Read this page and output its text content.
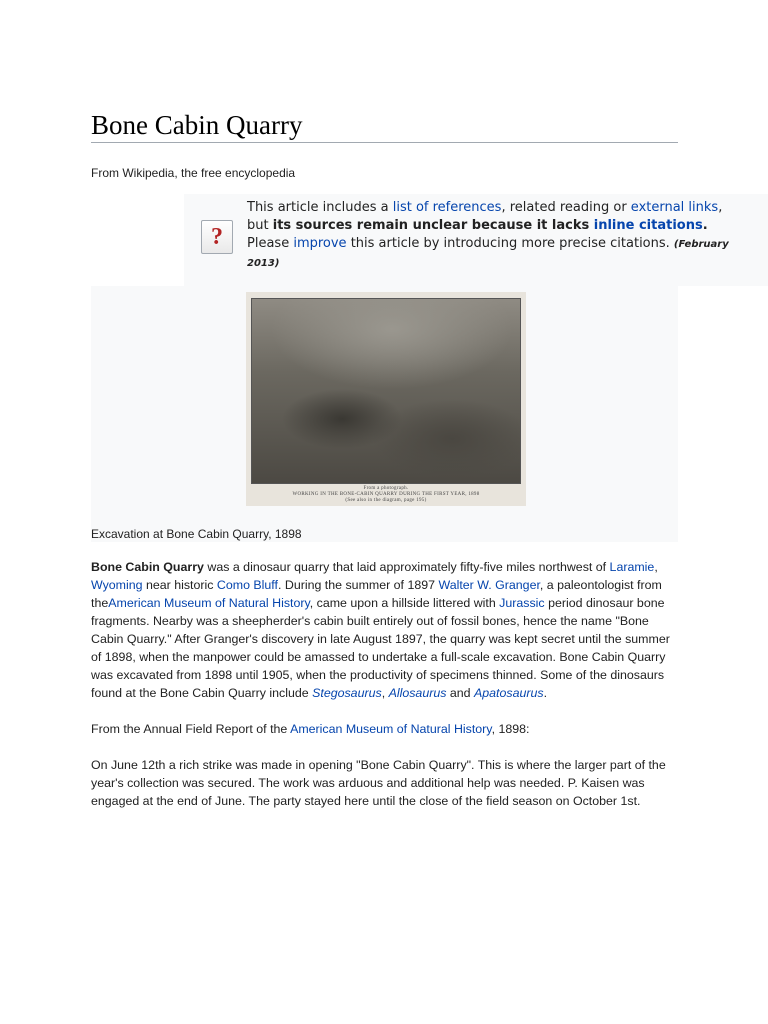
Bone Cabin Quarry
From Wikipedia, the free encyclopedia
?
This article includes a list of references, related reading or external links, but its sources remain unclear because it lacks inline citations. Please improve this article by introducing more precise citations. (February 2013)
From a photograph.
WORKING IN THE BONE-CABIN QUARRY DURING THE FIRST YEAR, 1898
(See also in the diagram, page 195)
Excavation at Bone Cabin Quarry, 1898

Bone Cabin Quarry was a dinosaur quarry that laid approximately fifty-five miles northwest of Laramie, Wyoming near historic Como Bluff. During the summer of 1897 Walter W. Granger, a paleontologist from theAmerican Museum of Natural History, came upon a hillside littered with Jurassic period dinosaur bone fragments. Nearby was a sheepherder's cabin built entirely out of fossil bones, hence the name "Bone Cabin Quarry." After Granger's discovery in late August 1897, the quarry was kept secret until the summer of 1898, when the manpower could be amassed to undertake a full-scale excavation. Bone Cabin Quarry was excavated from 1898 until 1905, when the productivity of specimens thinned. Some of the dinosaurs found at the Bone Cabin Quarry include Stegosaurus, Allosaurus and Apatosaurus.

From the Annual Field Report of the American Museum of Natural History, 1898:

On June 12th a rich strike was made in opening "Bone Cabin Quarry". This is where the larger part of the year's collection was secured. The work was arduous and additional help was needed. P. Kaisen was engaged at the end of June. The party stayed here until the close of the field season on October 1st.
